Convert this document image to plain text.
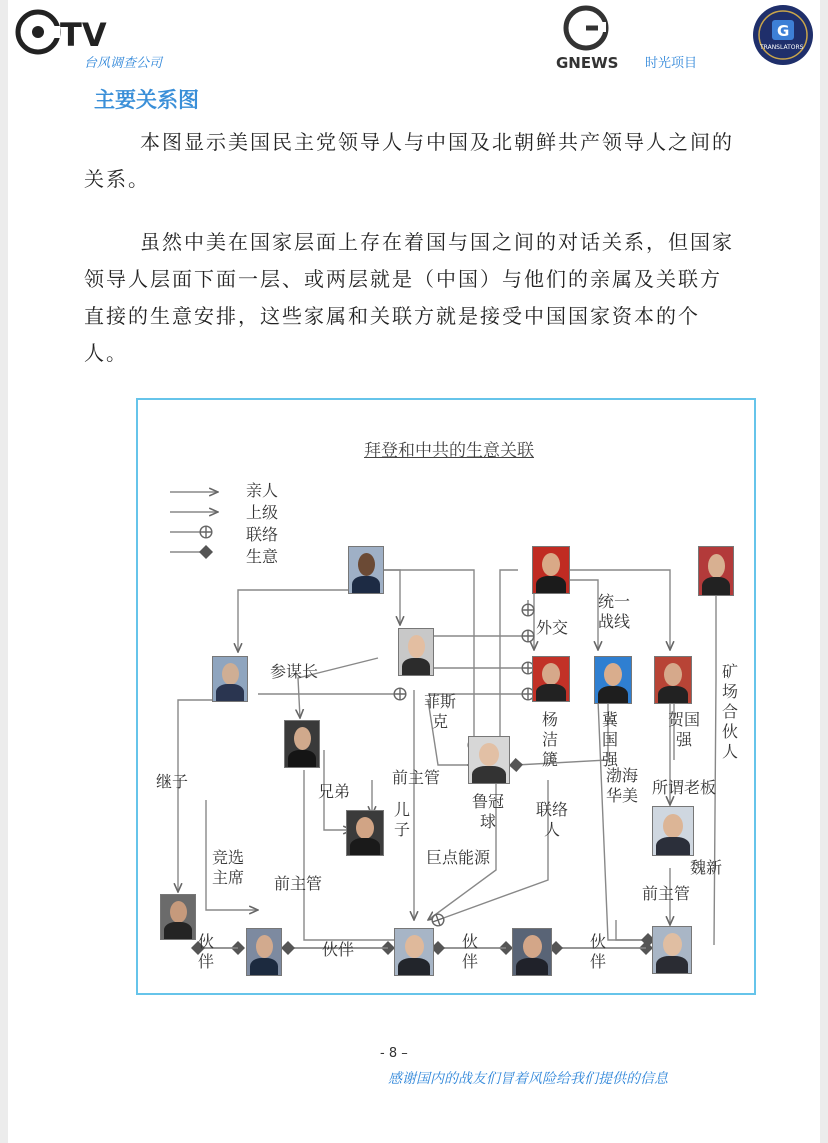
TV
台风调查公司	GNEWS 时光项目
G
TRANSLATORS
主要关系图

本图显示美国民主党领导人与中国及北朝鲜共产领导人之间的关系。

虽然中美在国家层面上存在着国与国之间的对话关系，但国家领导人层面下面一层、或两层就是（中国）与他们的亲属及关联方直接的生意安排，这些家属和关联方就是接受中国国家资本的个人。

拜登和中共的生意关联
亲人
上级
联络
生意
外交
统一战线
矿场合伙人
参谋长
菲斯克	杨洁篪
冀国强
贺国强
继子
兄弟
前主管
儿子
鲁冠球
联络人
渤海华美 所谓老板
竞选主席 前主管
巨点能源
魏新
前主管
伙伴
伙伴	伙伴
伙伴
- 8 –
感谢国内的战友们冒着风险给我们提供的信息
